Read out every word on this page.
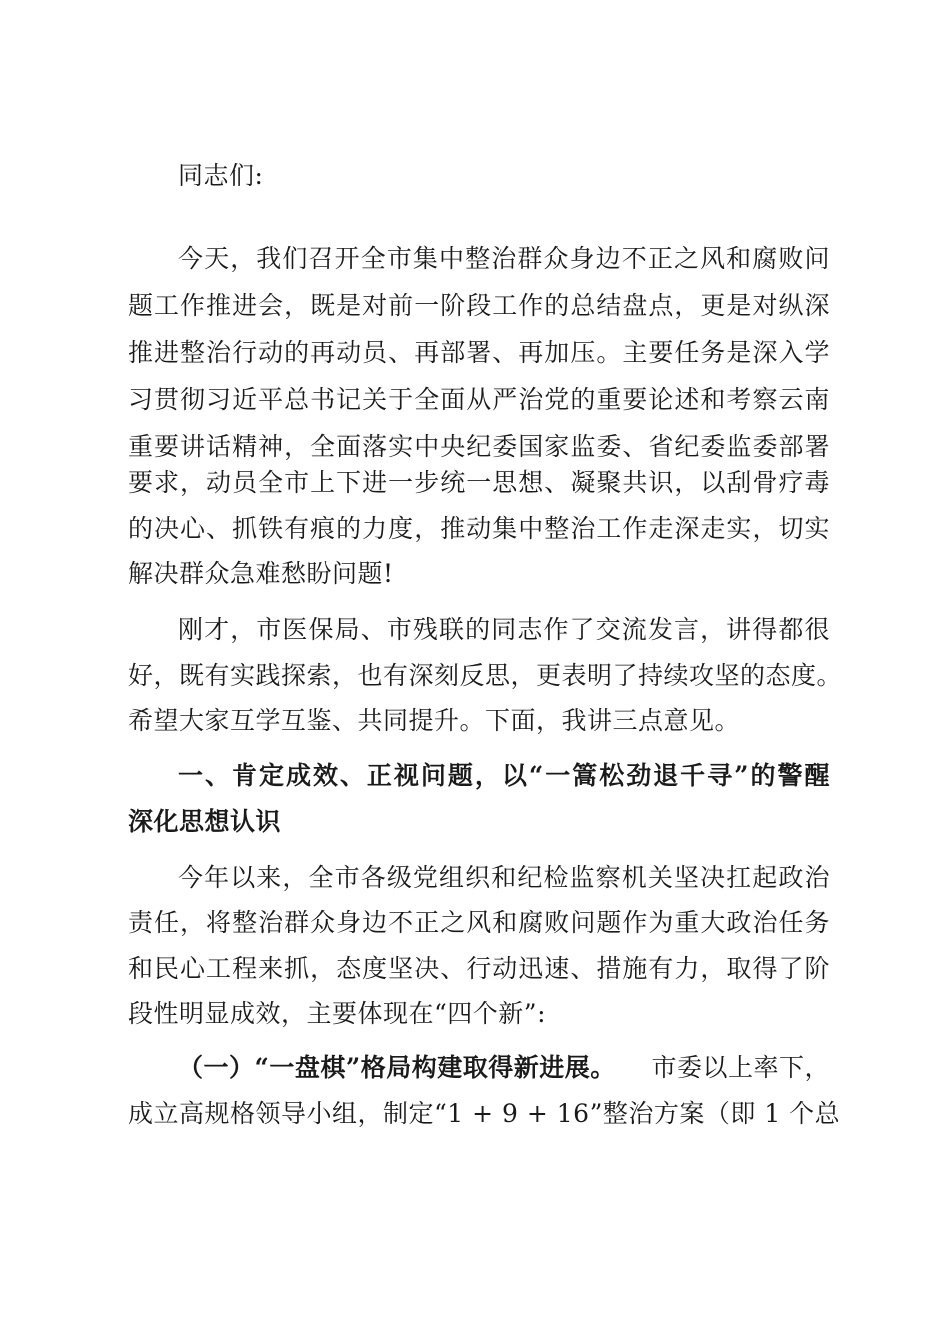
同志们:
今天，我们召开全市集中整治群众身边不正之风和腐败问
题工作推进会，既是对前一阶段工作的总结盘点，更是对纵深
推进整治行动的再动员、再部署、再加压。主要任务是深入学
习贯彻习近平总书记关于全面从严治党的重要论述和考察云南
重要讲话精神，全面落实中央纪委国家监委、省纪委监委部署
要求，动员全市上下进一步统一思想、凝聚共识，以刮骨疗毒
的决心、抓铁有痕的力度，推动集中整治工作走深走实，切实
解决群众急难愁盼问题!
刚才，市医保局、市残联的同志作了交流发言，讲得都很
好，既有实践探索，也有深刻反思，更表明了持续攻坚的态度。
希望大家互学互鉴、共同提升。下面，我讲三点意见。
一、肯定成效、正视问题，以“一篙松劲退千寻”的警醒
深化思想认识
今年以来，全市各级党组织和纪检监察机关坚决扛起政治
责任，将整治群众身边不正之风和腐败问题作为重大政治任务
和民心工程来抓，态度坚决、行动迅速、措施有力，取得了阶
段性明显成效，主要体现在“四个新”:
（一）“一盘棋”格局构建取得新进展。 市委以上率下，
成立高规格领导小组，制定“1 + 9 + 16”整治方案（即 1 个总
